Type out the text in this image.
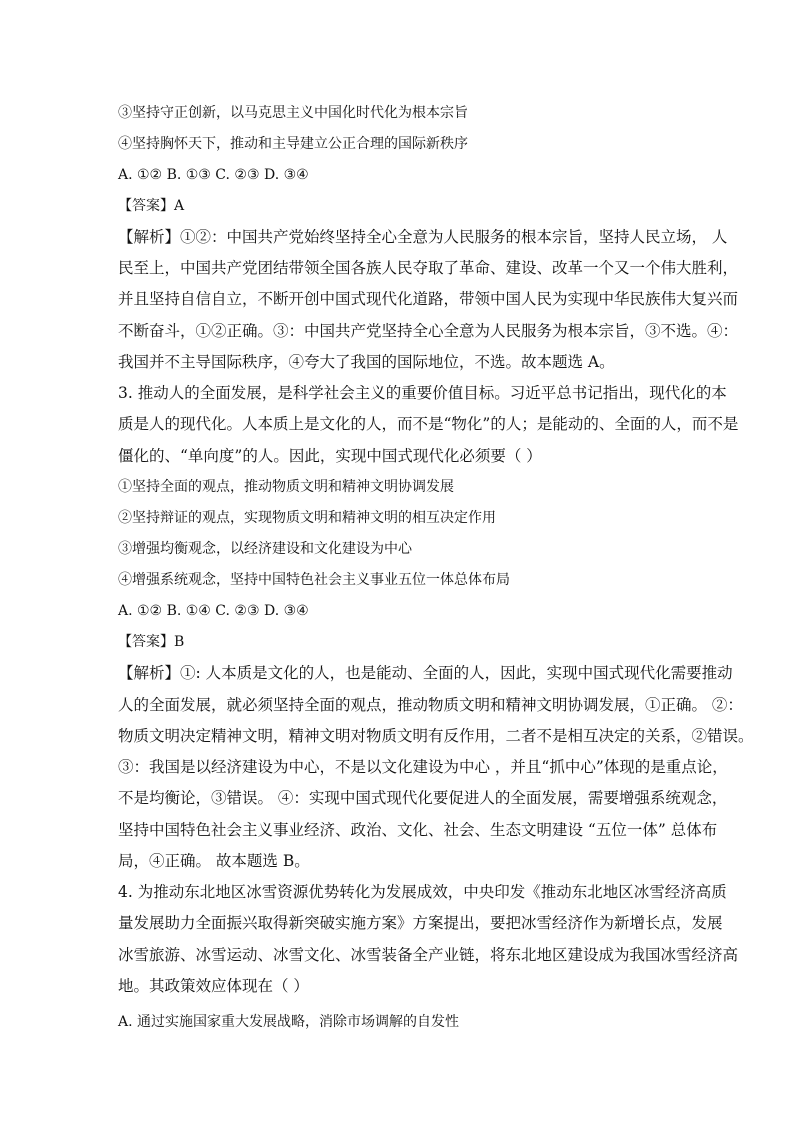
③坚持守正创新，以马克思主义中国化时代化为根本宗旨
④坚持胸怀天下，推动和主导建立公正合理的国际新秩序
A. ①② B. ①③ C. ②③ D. ③④
【答案】A
【解析】①②：中国共产党始终坚持全心全意为人民服务的根本宗旨，坚持人民立场， 人
民至上，中国共产党团结带领全国各族人民夺取了革命、建设、改革一个又一个伟大胜利，
并且坚持自信自立，不断开创中国式现代化道路，带领中国人民为实现中华民族伟大复兴而
不断奋斗，①②正确。③：中国共产党坚持全心全意为人民服务为根本宗旨，③不选。④：
我国并不主导国际秩序，④夸大了我国的国际地位，不选。故本题选 A。
3. 推动人的全面发展，是科学社会主义的重要价值目标。习近平总书记指出，现代化的本
质是人的现代化。人本质上是文化的人，而不是“物化”的人；是能动的、全面的人，而不是
僵化的、“单向度”的人。因此，实现中国式现代化必须要（ ）
①坚持全面的观点，推动物质文明和精神文明协调发展
②坚持辩证的观点，实现物质文明和精神文明的相互决定作用
③增强均衡观念，以经济建设和文化建设为中心
④增强系统观念，坚持中国特色社会主义事业五位一体总体布局
A. ①② B. ①④ C. ②③ D. ③④
【答案】B
【解析】①: 人本质是文化的人，也是能动、全面的人，因此，实现中国式现代化需要推动
人的全面发展，就必须坚持全面的观点，推动物质文明和精神文明协调发展，①正确。 ②：
物质文明决定精神文明，精神文明对物质文明有反作用，二者不是相互决定的关系，②错误。
③：我国是以经济建设为中心，不是以文化建设为中心 ，并且“抓中心”体现的是重点论，
不是均衡论，③错误。 ④：实现中国式现代化要促进人的全面发展，需要增强系统观念，
坚持中国特色社会主义事业经济、政治、文化、社会、生态文明建设 “五位一体” 总体布
局，④正确。 故本题选 B。
4. 为推动东北地区冰雪资源优势转化为发展成效，中央印发《推动东北地区冰雪经济高质
量发展助力全面振兴取得新突破实施方案》方案提出，要把冰雪经济作为新增长点，发展
冰雪旅游、冰雪运动、冰雪文化、冰雪装备全产业链，将东北地区建设成为我国冰雪经济高
地。其政策效应体现在（ ）
A. 通过实施国家重大发展战略，消除市场调解的自发性
